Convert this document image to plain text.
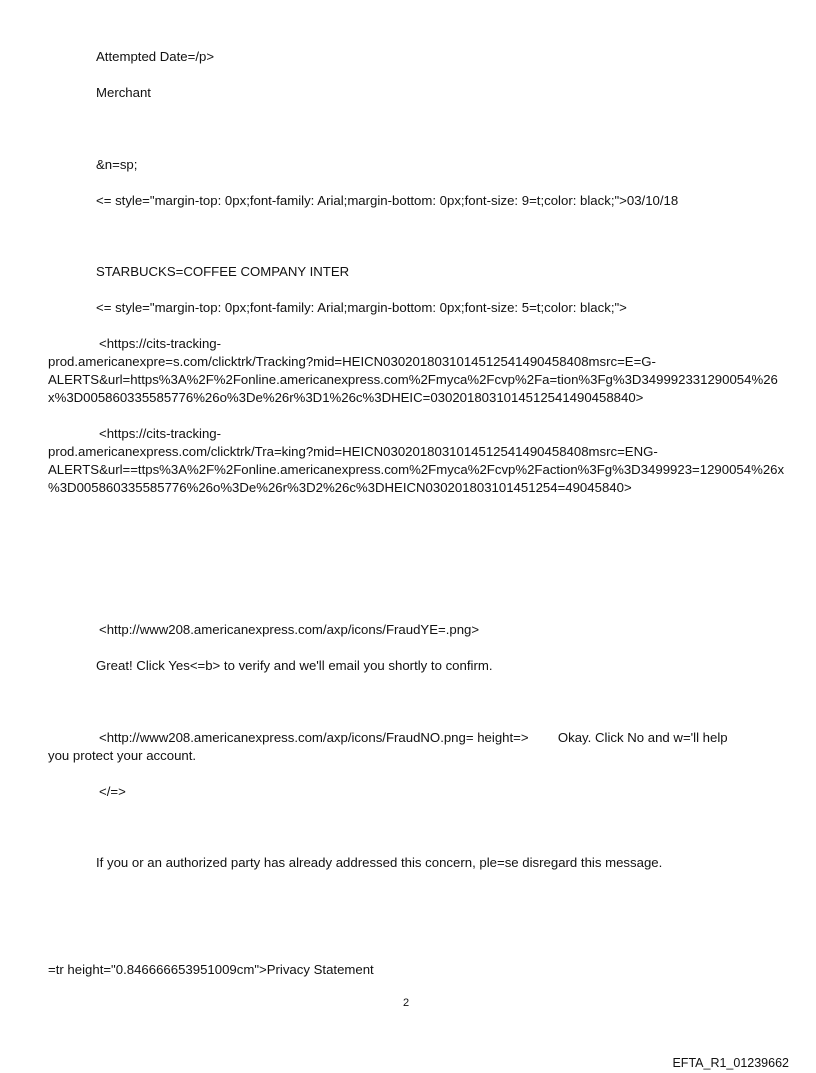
Attempted Date=/p>

Merchant

&n=sp;

<= style="margin-top: 0px;font-family: Arial;margin-bottom: 0px;font-size: 9=t;color: black;">03/10/18

STARBUCKS=COFFEE COMPANY INTER

<= style="margin-top: 0px;font-family: Arial;margin-bottom: 0px;font-size: 5=t;color: black;">

<https://cits-tracking-
prod.americanexpre=s.com/clicktrk/Tracking?mid=HEICN0302018031014512541490458408msrc=E=G-
ALERTS&url=https%3A%2F%2Fonline.americanexpress.com%2Fmyca%2Fcvp%2Fa=tion%3Fg%3D349992331290054%26
x%3D005860335585776%26o%3De%26r%3D1%26c%3DHEIC=0302018031014512541490458840>
<https://cits-tracking-
prod.americanexpress.com/clicktrk/Tra=king?mid=HEICN0302018031014512541490458408msrc=ENG-
ALERTS&url==ttps%3A%2F%2Fonline.americanexpress.com%2Fmyca%2Fcvp%2Faction%3Fg%3D3499923=1290054%26x
%3D005860335585776%26o%3De%26r%3D2%26c%3DHEICN030201803101451254=49045840>

<http://www208.americanexpress.com/axp/icons/FraudYE=.png>

Great! Click Yes<=b> to verify and we'll email you shortly to confirm.

<http://www208.americanexpress.com/axp/icons/FraudNO.png= height=>        Okay. Click No and w='ll help
you protect your account.

</=>

If you or an authorized party has already addressed this concern, ple=se disregard this message.

=tr height="0.846666653951009cm">Privacy Statement

2
EFTA_R1_01239662
